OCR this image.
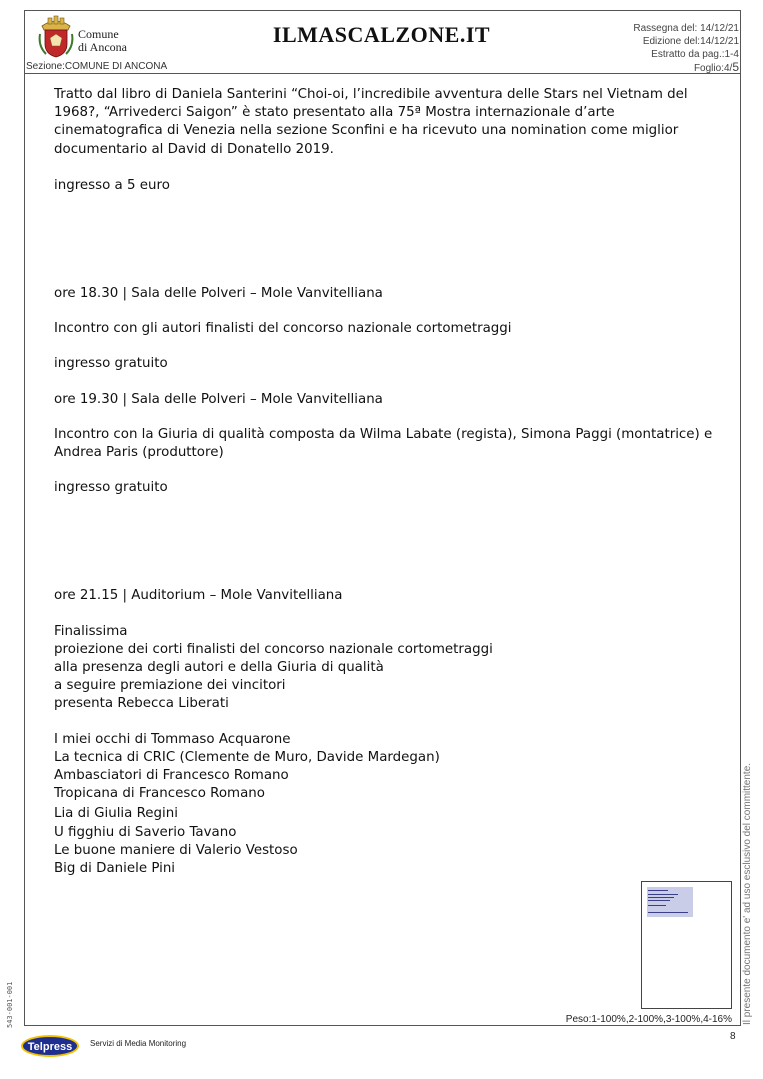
Comune
di Ancona	ILMASCALZONE.IT	Rassegna del: 14/12/21
Edizione del:14/12/21
Estratto da pag.:1-4
Foglio:4/5
Sezione:COMUNE DI ANCONA

Tratto dal libro di Daniela Santerini “Choi-oi, l’incredibile avventura delle Stars nel Vietnam del 1968?, “Arrivederci Saigon” è stato presentato alla 75ª Mostra internazionale d’arte cinematografica di Venezia nella sezione Sconfini e ha ricevuto una nomination come miglior documentario al David di Donatello 2019.

ingresso a 5 euro

ore 18.30 | Sala delle Polveri – Mole Vanvitelliana

Incontro con gli autori finalisti del concorso nazionale cortometraggi

ingresso gratuito

ore 19.30 | Sala delle Polveri – Mole Vanvitelliana

Incontro con la Giuria di qualità composta da Wilma Labate (regista), Simona Paggi (montatrice) e Andrea Paris (produttore)

ingresso gratuito

ore 21.15 | Auditorium – Mole Vanvitelliana

Finalissima

proiezione dei corti finalisti del concorso nazionale cortometraggi

alla presenza degli autori e della Giuria di qualità

a seguire premiazione dei vincitori

presenta Rebecca Liberati

I miei occhi di Tommaso Acquarone

La tecnica di CRIC (Clemente de Muro, Davide Mardegan)

Ambasciatori di Francesco Romano

Tropicana di Francesco Romano

Lia di Giulia Regini

U figghiu di Saverio Tavano

Le buone maniere di Valerio Vestoso

Big di Daniele Pini	Il presente documento e' ad uso esclusivo del committente.
543-001-001	Peso:1-100%,2-100%,3-100%,4-16%
8
Telpress Servizi di Media Monitoring
